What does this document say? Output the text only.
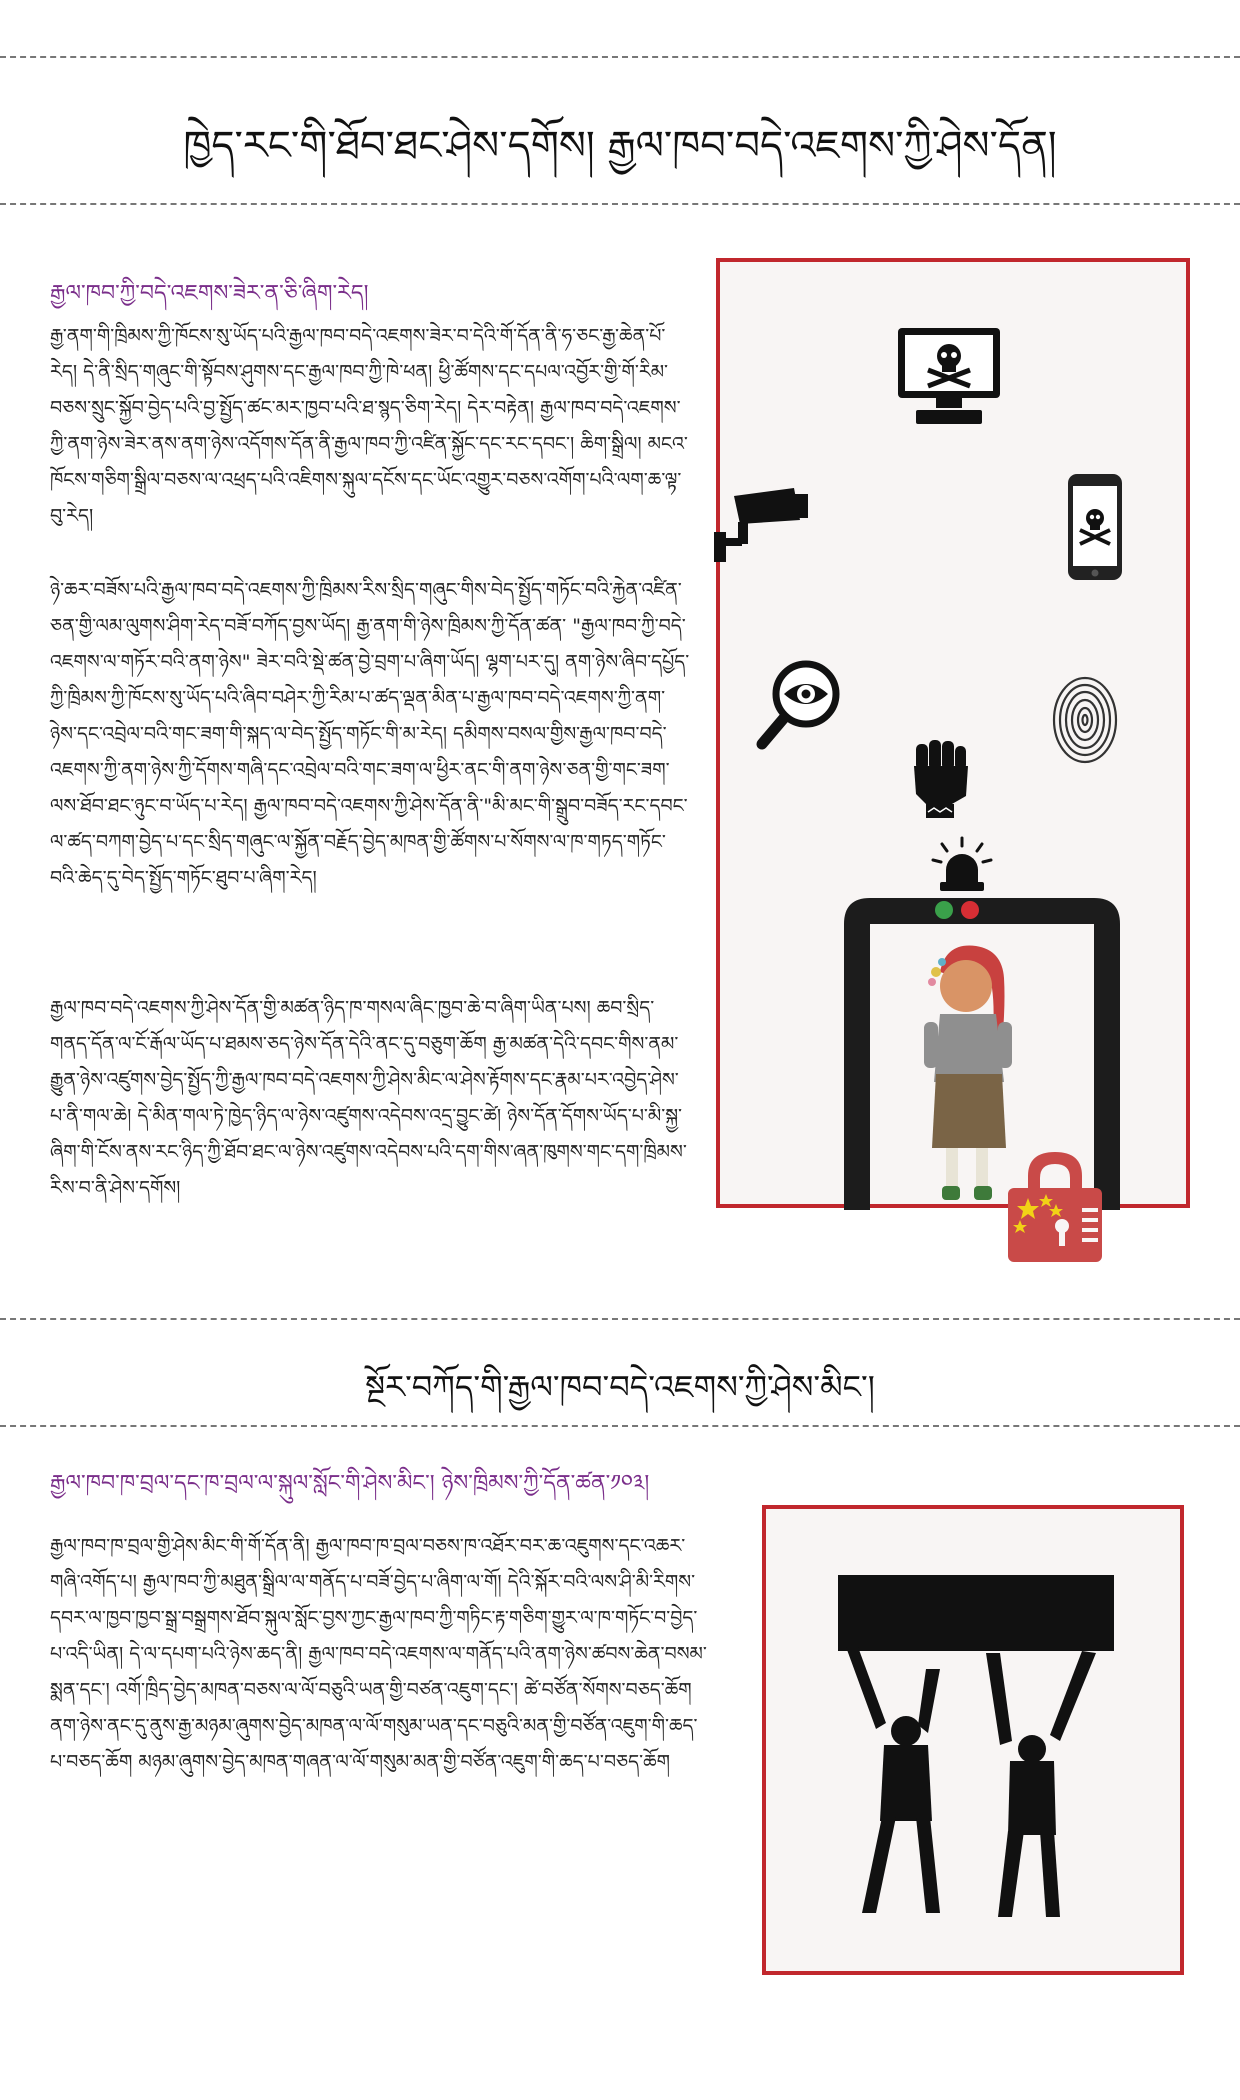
ཁྱེད་རང་གི་ཐོབ་ཐང་ཤེས་དགོས། རྒྱལ་ཁབ་བདེ་འཇགས་ཀྱི་ཤེས་དོན།
རྒྱལ་ཁབ་ཀྱི་བདེ་འཇགས་ཟེར་ན་ཅི་ཞིག་རེད།

རྒྱ་ནག་གི་ཁྲིམས་ཀྱི་ཁོངས་སུ་ཡོད་པའི་རྒྱལ་ཁབ་བདེ་འཇགས་ཟེར་བ་དེའི་གོ་དོན་ནི་ཧ་ཅང་རྒྱ་ཆེན་པོ་རེད། དེ་ནི་སྲིད་གཞུང་གི་སྟོབས་ཤུགས་དང་རྒྱལ་ཁབ་ཀྱི་ཁེ་ཕན། ཕྱི་ཚོགས་དང་དཔལ་འབྱོར་གྱི་གོ་རིམ་བཅས་སྲུང་སྐྱོབ་བྱེད་པའི་བྱ་སྤྱོད་ཚང་མར་ཁྱབ་པའི་ཐ་སྙད་ཅིག་རེད། དེར་བརྟེན། རྒྱལ་ཁབ་བདེ་འཇགས་ཀྱི་ནག་ཉེས་ཟེར་ནས་ནག་ཉེས་འདོགས་དོན་ནི་རྒྱལ་ཁབ་ཀྱི་འཛིན་སྐྱོང་དང་རང་དབང་། ཆིག་སྒྲིལ། མངའ་ཁོངས་གཅིག་སྒྲིལ་བཅས་ལ་འཕྲད་པའི་འཇིགས་སྐུལ་དངོས་དང་ཡོང་འགྱུར་བཅས་འགོག་པའི་ལག་ཆ་ལྟ་བུ་རེད།

ཉེ་ཆར་བཟོས་པའི་རྒྱལ་ཁབ་བདེ་འཇགས་ཀྱི་ཁྲིམས་རིས་སྲིད་གཞུང་གིས་བེད་སྤྱོད་གཏོང་བའི་རྐྱེན་འཛིན་ཅན་གྱི་ལམ་ལུགས་ཤིག་རེད་བཟོ་བཀོད་བྱས་ཡོད། རྒྱ་ནག་གི་ཉེས་ཁྲིམས་ཀྱི་དོན་ཚན་ "རྒྱལ་ཁབ་ཀྱི་བདེ་འཇགས་ལ་གཏོར་བའི་ནག་ཉེས" ཟེར་བའི་སྡེ་ཚན་བྱེ་བྲག་པ་ཞིག་ཡོད། ལྷག་པར་དུ། ནག་ཉེས་ཞིབ་དཔྱོད་ཀྱི་ཁྲིམས་ཀྱི་ཁོངས་སུ་ཡོད་པའི་ཞིབ་བཤེར་ཀྱི་རིམ་པ་ཚད་ལྡན་མིན་པ་རྒྱལ་ཁབ་བདེ་འཇགས་ཀྱི་ནག་ཉེས་དང་འབྲེལ་བའི་གང་ཟག་གི་སྐད་ལ་བེད་སྤྱོད་གཏོང་གི་མ་རེད། དམིགས་བསལ་གྱིས་རྒྱལ་ཁབ་བདེ་འཇགས་ཀྱི་ནག་ཉེས་ཀྱི་དོགས་གཞི་དང་འབྲེལ་བའི་གང་ཟག་ལ་ཕྱིར་ནང་གི་ནག་ཉེས་ཅན་གྱི་གང་ཟག་ལས་ཐོབ་ཐང་ཉུང་བ་ཡོད་པ་རེད། རྒྱལ་ཁབ་བདེ་འཇགས་ཀྱི་ཤེས་དོན་ནི་"མི་མང་གི་སྒྲུབ་བཟོད་རང་དབང་ལ་ཚད་བཀག་བྱེད་པ་དང་སྲིད་གཞུང་ལ་སྐྱོན་བརྗོད་བྱེད་མཁན་གྱི་ཚོགས་པ་སོགས་ལ་ཁ་གཏད་གཏོང་བའི་ཆེད་དུ་བེད་སྤྱོད་གཏོང་ཐུབ་པ་ཞིག་རེད།

རྒྱལ་ཁབ་བདེ་འཇགས་ཀྱི་ཤེས་དོན་གྱི་མཚན་ཉིད་ཁ་གསལ་ཞིང་ཁྱབ་ཆེ་བ་ཞིག་ཡིན་པས། ཆབ་སྲིད་གནད་དོན་ལ་ངོ་རྒོལ་ཡོད་པ་ཐམས་ཅད་ཉེས་དོན་དེའི་ནང་དུ་བཅུག་ཆོག རྒྱ་མཚན་དེའི་དབང་གིས་ནམ་རྒྱུན་ཉེས་འཛུགས་བྱེད་སྤྱོད་ཀྱི་རྒྱལ་ཁབ་བདེ་འཇགས་ཀྱི་ཤེས་མིང་ལ་ཤེས་རྟོགས་དང་རྣམ་པར་འབྱེད་ཤེས་པ་ནི་གལ་ཆེ། དེ་མིན་གལ་ཏེ་ཁྱེད་ཉིད་ལ་ཉེས་འཛུགས་འདེབས་འདྲ་བྱུང་ཚེ། ཉེས་དོན་དོགས་ཡོད་པ་མི་སྐྱ་ཞིག་གི་ངོས་ནས་རང་ཉིད་ཀྱི་ཐོབ་ཐང་ལ་ཉེས་འཛུགས་འདེབས་པའི་དག་གིས་ཞན་ཁུགས་གང་དག་ཁྲིམས་རིས་བ་ནི་ཤེས་དགོས།

སྔོར་བཀོད་གི་རྒྱལ་ཁབ་བདེ་འཇགས་ཀྱི་ཤེས་མིང་།
རྒྱལ་ཁབ་ཁ་བྲལ་དང་ཁ་བྲལ་ལ་སྐུལ་སློང་གི་ཤེས་མིང་། ཉེས་ཁྲིམས་ཀྱི་དོན་ཚན་༡༠༣།

རྒྱལ་ཁབ་ཁ་བྲལ་གྱི་ཤེས་མིང་གི་གོ་དོན་ནི། རྒྱལ་ཁབ་ཁ་བྲལ་བཅས་ཁ་འཐོར་བར་ཆ་འཇུགས་དང་འཆར་གཞི་འགོད་པ། རྒྱལ་ཁབ་ཀྱི་མཐུན་སྒྲིལ་ལ་གནོད་པ་བཟོ་བྱེད་པ་ཞིག་ལ་གོ། དེའི་སྐོར་བའི་ལས་ཤི་མི་རིགས་དབར་ལ་ཁྱབ་ཁྱབ་སྒྲ་བསྒྲགས་ཐོབ་སྐུལ་སློང་བྱས་ཀྱང་རྒྱལ་ཁབ་ཀྱི་གཏིང་རྟ་གཅིག་གྱུར་ལ་ཁ་གཏོང་བ་བྱེད་པ་འདི་ཡིན། དེ་ལ་དཔག་པའི་ཉེས་ཆད་ནི། རྒྱལ་ཁབ་བདེ་འཇགས་ལ་གནོད་པའི་ནག་ཉེས་ཚབས་ཆེན་བསམ་སྨན་དང་། འགོ་ཁྲིད་བྱེད་མཁན་བཅས་ལ་ལོ་བཅུའི་ཡན་གྱི་བཙན་འཇུག་དང་། ཚེ་བཙོན་སོགས་བཅད་ཆོག ནག་ཉེས་ནང་དུ་ནུས་རྒྱ་མཉམ་ཞུགས་བྱེད་མཁན་ལ་ལོ་གསུམ་ཡན་དང་བཅུའི་མན་གྱི་བཙོན་འཇུག་གི་ཆད་པ་བཅད་ཆོག མཉམ་ཞུགས་བྱེད་མཁན་གཞན་ལ་ལོ་གསུམ་མན་གྱི་བཙོན་འཇུག་གི་ཆད་པ་བཅད་ཆོག
